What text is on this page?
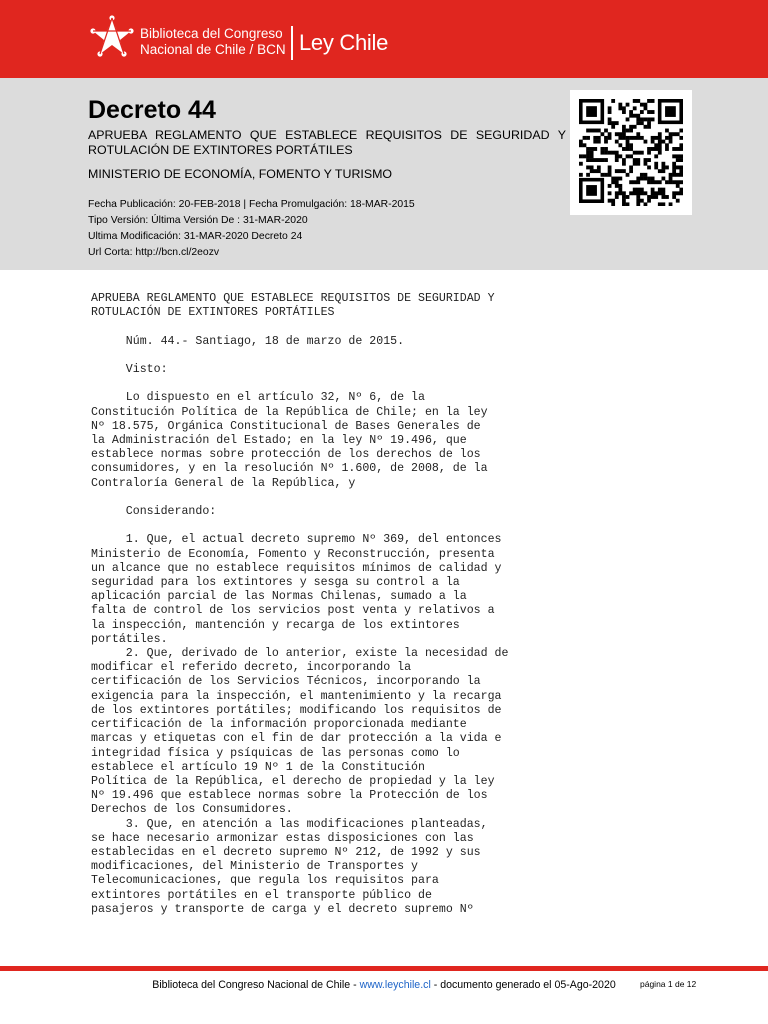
Biblioteca del Congreso
Nacional de Chile / BCN Ley Chile
Decreto 44
APRUEBA REGLAMENTO QUE ESTABLECE REQUISITOS DE SEGURIDAD Y ROTULACIÓN DE EXTINTORES PORTÁTILES
MINISTERIO DE ECONOMÍA, FOMENTO Y TURISMO
Fecha Publicación: 20-FEB-2018 | Fecha Promulgación: 18-MAR-2015
Tipo Versión: Última Versión De : 31-MAR-2020
Ultima Modificación: 31-MAR-2020 Decreto 24
Url Corta: http://bcn.cl/2eozv
APRUEBA REGLAMENTO QUE ESTABLECE REQUISITOS DE SEGURIDAD Y
ROTULACIÓN DE EXTINTORES PORTÁTILES

Núm. 44.- Santiago, 18 de marzo de 2015.

Visto:

Lo dispuesto en el artículo 32, Nº 6, de la
Constitución Política de la República de Chile; en la ley
Nº 18.575, Orgánica Constitucional de Bases Generales de
la Administración del Estado; en la ley Nº 19.496, que
establece normas sobre protección de los derechos de los
consumidores, y en la resolución Nº 1.600, de 2008, de la
Contraloría General de la República, y

Considerando:

1. Que, el actual decreto supremo Nº 369, del entonces
Ministerio de Economía, Fomento y Reconstrucción, presenta
un alcance que no establece requisitos mínimos de calidad y
seguridad para los extintores y sesga su control a la
aplicación parcial de las Normas Chilenas, sumado a la
falta de control de los servicios post venta y relativos a
la inspección, mantención y recarga de los extintores
portátiles.
2. Que, derivado de lo anterior, existe la necesidad de
modificar el referido decreto, incorporando la
certificación de los Servicios Técnicos, incorporando la
exigencia para la inspección, el mantenimiento y la recarga
de los extintores portátiles; modificando los requisitos de
certificación de la información proporcionada mediante
marcas y etiquetas con el fin de dar protección a la vida e
integridad física y psíquicas de las personas como lo
establece el artículo 19 Nº 1 de la Constitución
Política de la República, el derecho de propiedad y la ley
Nº 19.496 que establece normas sobre la Protección de los
Derechos de los Consumidores.
3. Que, en atención a las modificaciones planteadas,
se hace necesario armonizar estas disposiciones con las
establecidas en el decreto supremo Nº 212, de 1992 y sus
modificaciones, del Ministerio de Transportes y
Telecomunicaciones, que regula los requisitos para
extintores portátiles en el transporte público de
pasajeros y transporte de carga y el decreto supremo Nº
Biblioteca del Congreso Nacional de Chile - www.leychile.cl - documento generado el 05-Ago-2020	página 1 de 12
